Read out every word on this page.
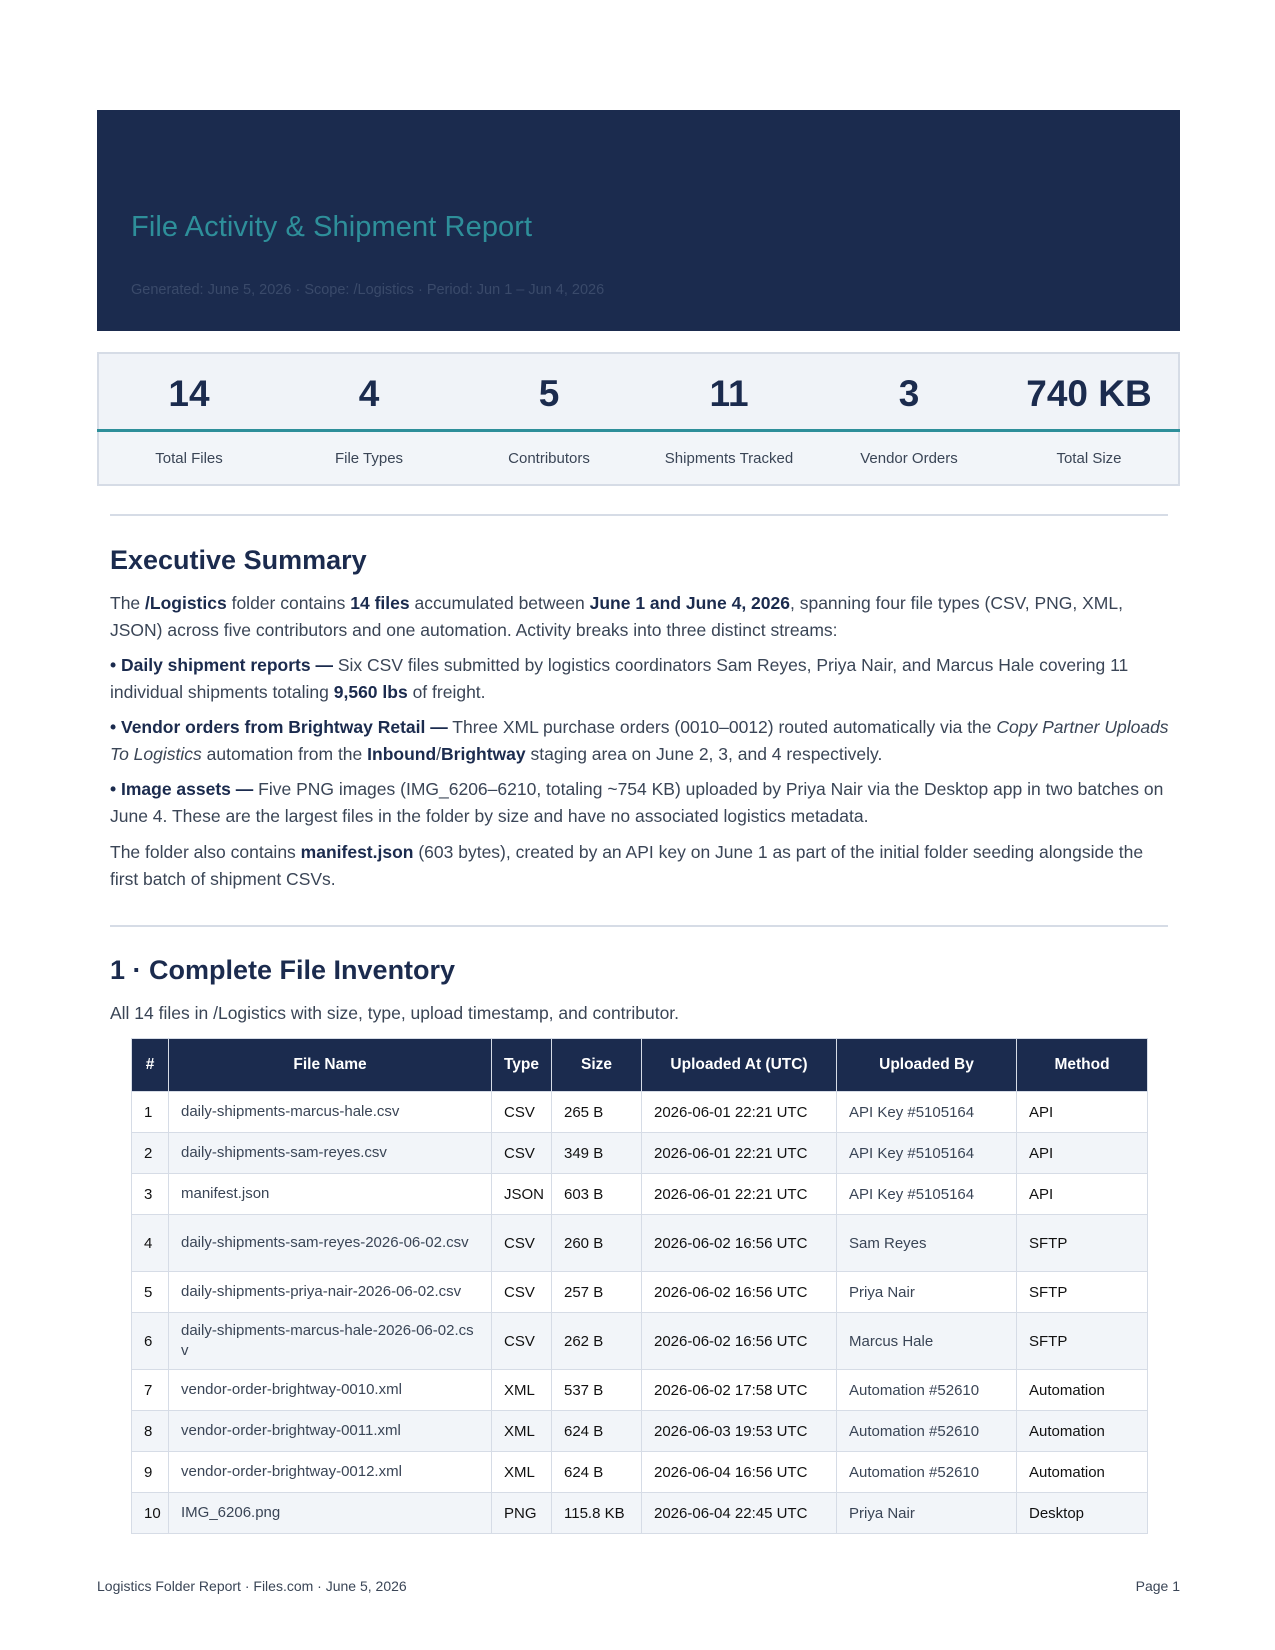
File Activity & Shipment Report
Generated: June 5, 2026 · Scope: /Logistics · Period: Jun 1 – Jun 4, 2026
14
Total Files
4
File Types
5
Contributors
11
Shipments Tracked
3
Vendor Orders
740 KB
Total Size
Executive Summary

The /Logistics folder contains 14 files accumulated between June 1 and June 4, 2026, spanning four file types (CSV, PNG, XML, JSON) across five contributors and one automation. Activity breaks into three distinct streams:

• Daily shipment reports — Six CSV files submitted by logistics coordinators Sam Reyes, Priya Nair, and Marcus Hale covering 11 individual shipments totaling 9,560 lbs of freight.

• Vendor orders from Brightway Retail — Three XML purchase orders (0010–0012) routed automatically via the Copy Partner Uploads To Logistics automation from the Inbound/Brightway staging area on June 2, 3, and 4 respectively.

• Image assets — Five PNG images (IMG_6206–6210, totaling ~754 KB) uploaded by Priya Nair via the Desktop app in two batches on June 4. These are the largest files in the folder by size and have no associated logistics metadata.

The folder also contains manifest.json (603 bytes), created by an API key on June 1 as part of the initial folder seeding alongside the first batch of shipment CSVs.

1 · Complete File Inventory
All 14 files in /Logistics with size, type, upload timestamp, and contributor.
#	File Name	Type	Size	Uploaded At (UTC)	Uploaded By	Method
1	daily-shipments-marcus-hale.csv	CSV	265 B	2026-06-01 22:21 UTC	API Key #5105164	API
2	daily-shipments-sam-reyes.csv	CSV	349 B	2026-06-01 22:21 UTC	API Key #5105164	API
3	manifest.json	JSON	603 B	2026-06-01 22:21 UTC	API Key #5105164	API
4	daily-shipments-sam-reyes-2026-06-02.csv	CSV	260 B	2026-06-02 16:56 UTC	Sam Reyes	SFTP
5	daily-shipments-priya-nair-2026-06-02.csv	CSV	257 B	2026-06-02 16:56 UTC	Priya Nair	SFTP
6	daily-shipments-marcus-hale-2026-06-02.csv	CSV	262 B	2026-06-02 16:56 UTC	Marcus Hale	SFTP
7	vendor-order-brightway-0010.xml	XML	537 B	2026-06-02 17:58 UTC	Automation #52610	Automation
8	vendor-order-brightway-0011.xml	XML	624 B	2026-06-03 19:53 UTC	Automation #52610	Automation
9	vendor-order-brightway-0012.xml	XML	624 B	2026-06-04 16:56 UTC	Automation #52610	Automation
10	IMG_6206.png	PNG	115.8 KB	2026-06-04 22:45 UTC	Priya Nair	Desktop
Logistics Folder Report · Files.com · June 5, 2026	Page 1
